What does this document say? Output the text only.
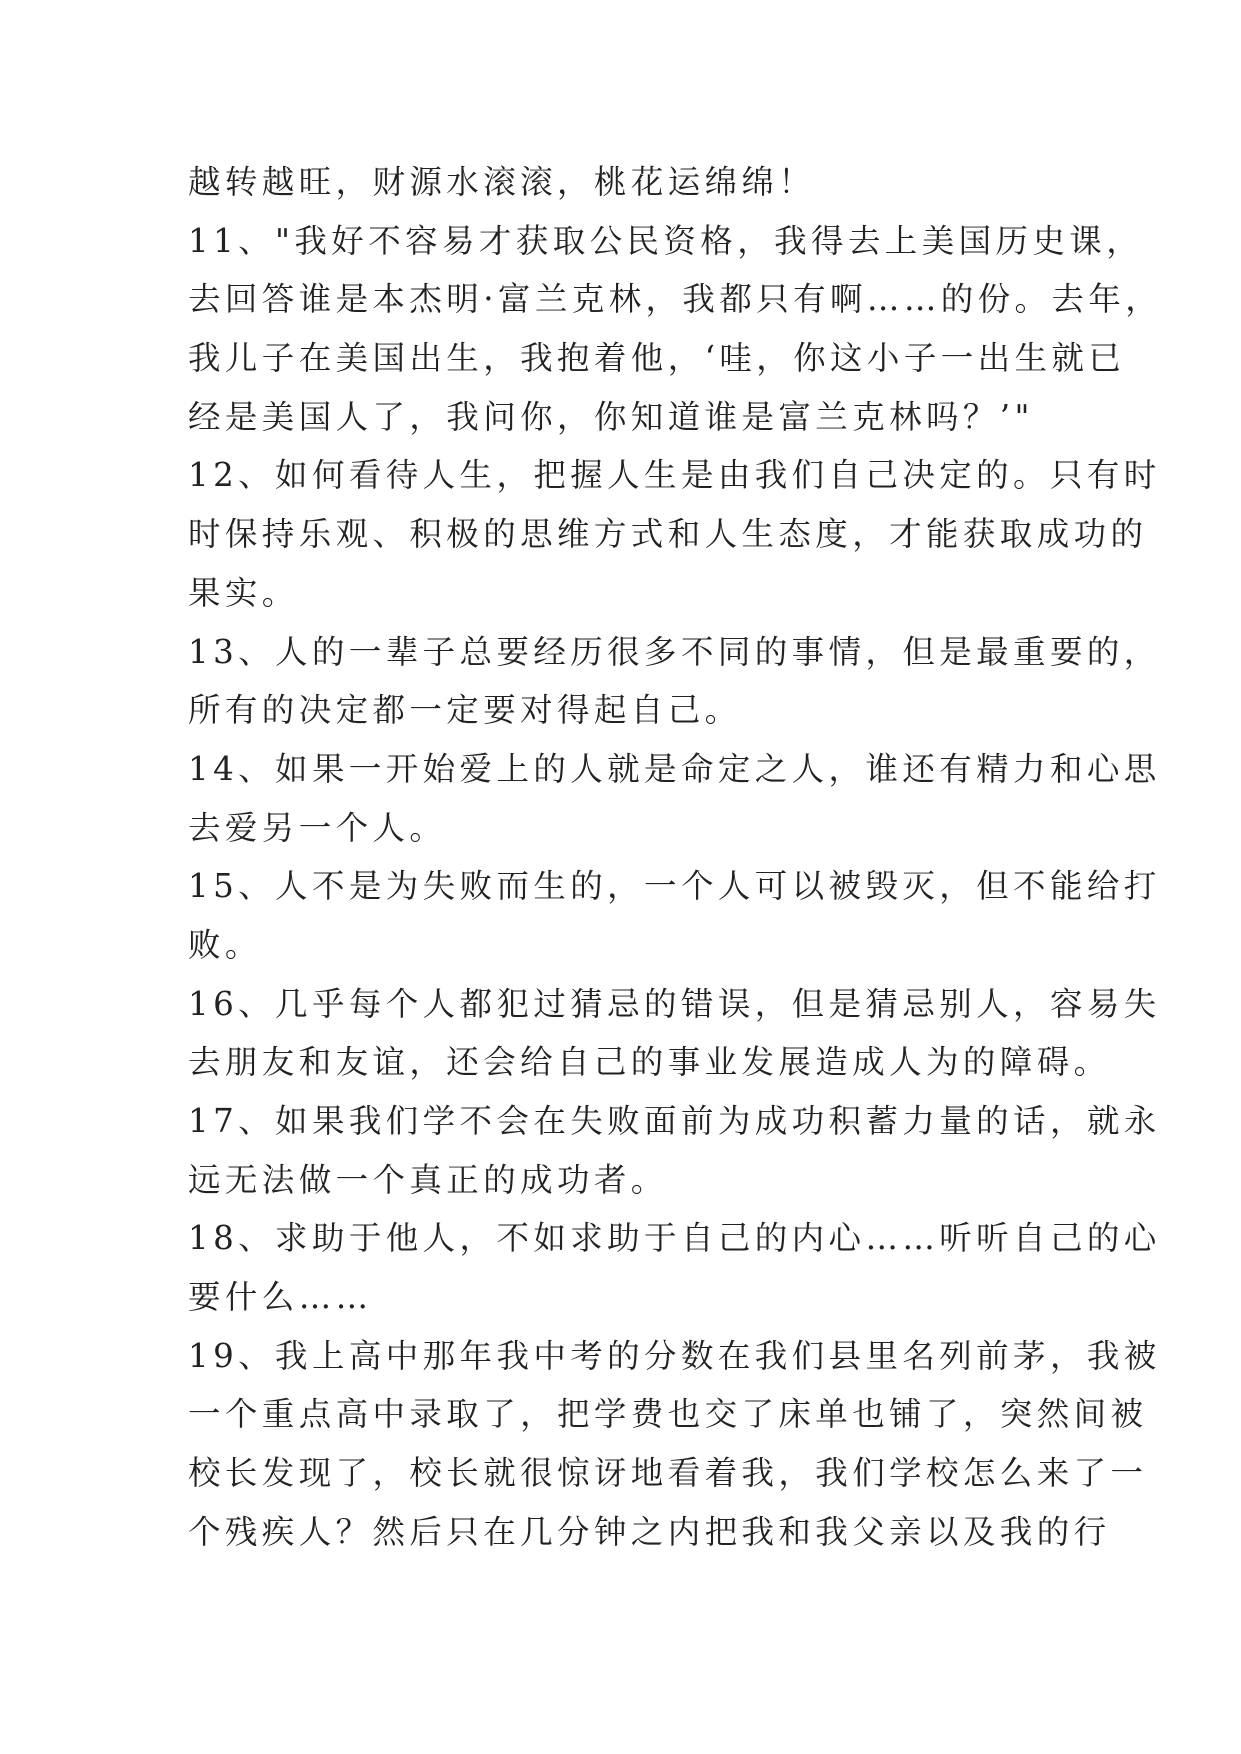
越转越旺，财源水滚滚，桃花运绵绵！
11、"我好不容易才获取公民资格，我得去上美国历史课，
去回答谁是本杰明·富兰克林，我都只有啊……的份。去年，
我儿子在美国出生，我抱着他，‘哇，你这小子一出生就已
经是美国人了，我问你，你知道谁是富兰克林吗？’"
12、如何看待人生，把握人生是由我们自己决定的。只有时
时保持乐观、积极的思维方式和人生态度，才能获取成功的
果实。
13、人的一辈子总要经历很多不同的事情，但是最重要的，
所有的决定都一定要对得起自己。
14、如果一开始爱上的人就是命定之人，谁还有精力和心思
去爱另一个人。
15、人不是为失败而生的，一个人可以被毁灭，但不能给打
败。
16、几乎每个人都犯过猜忌的错误，但是猜忌别人，容易失
去朋友和友谊，还会给自己的事业发展造成人为的障碍。
17、如果我们学不会在失败面前为成功积蓄力量的话，就永
远无法做一个真正的成功者。
18、求助于他人，不如求助于自己的内心……听听自己的心
要什么……
19、我上高中那年我中考的分数在我们县里名列前茅，我被
一个重点高中录取了，把学费也交了床单也铺了，突然间被
校长发现了，校长就很惊讶地看着我，我们学校怎么来了一
个残疾人？然后只在几分钟之内把我和我父亲以及我的行
